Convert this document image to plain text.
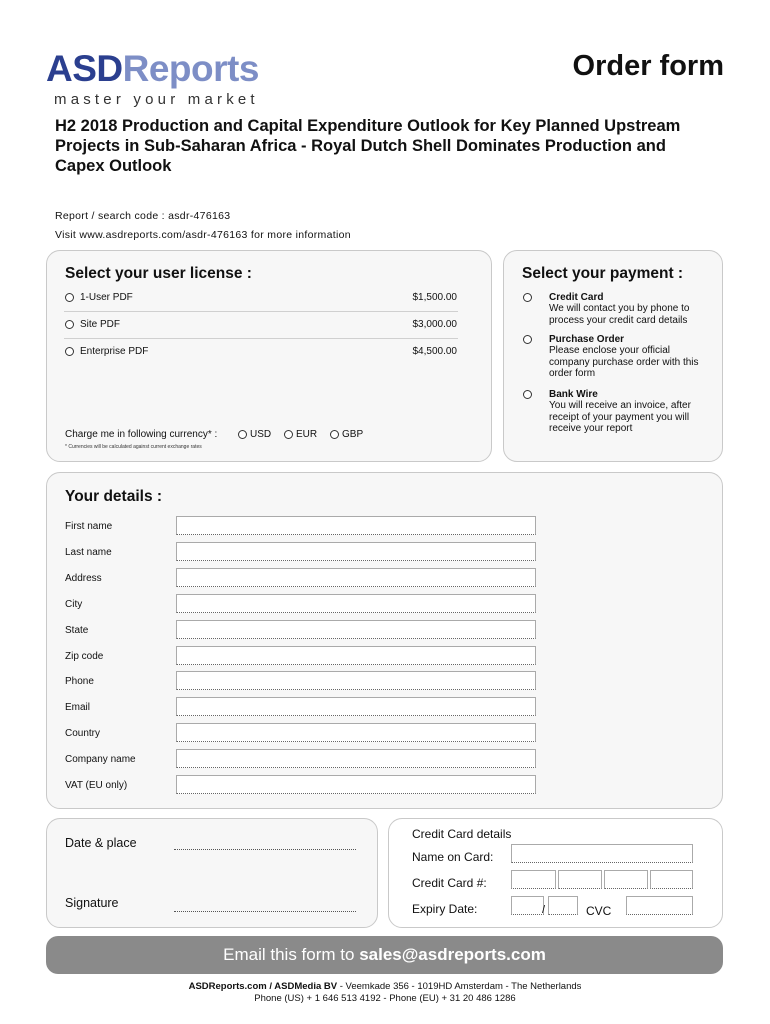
ASDReports
master your market
Order form
H2 2018 Production and Capital Expenditure Outlook for Key Planned Upstream Projects in Sub-Saharan Africa - Royal Dutch Shell Dominates Production and Capex Outlook
Report / search code : asdr-476163
Visit www.asdreports.com/asdr-476163 for more information
Select your user license :
1-User PDF	$1,500.00
Site PDF	$3,000.00
Enterprise PDF	$4,500.00
Charge me in following currency* :	USD EUR GBP
* Currencies will be calculated against current exchange rates
Select your payment :
Credit Card
We will contact you by phone to process your credit card details
Purchase Order
Please enclose your official company purchase order with this order form
Bank Wire
You will receive an invoice, after receipt of your payment you will receive your report
Your details :
First name
Last name
Address
City
State
Zip code
Phone
Email
Country
Company name
VAT (EU only)
Date & place
Signature
Credit Card details
Name on Card:
Credit Card #:
Expiry Date:	/	CVC
Email this form to sales@asdreports.com
ASDReports.com / ASDMedia BV - Veemkade 356 - 1019HD Amsterdam - The Netherlands
Phone (US) + 1 646 513 4192 - Phone (EU) + 31 20 486 1286
